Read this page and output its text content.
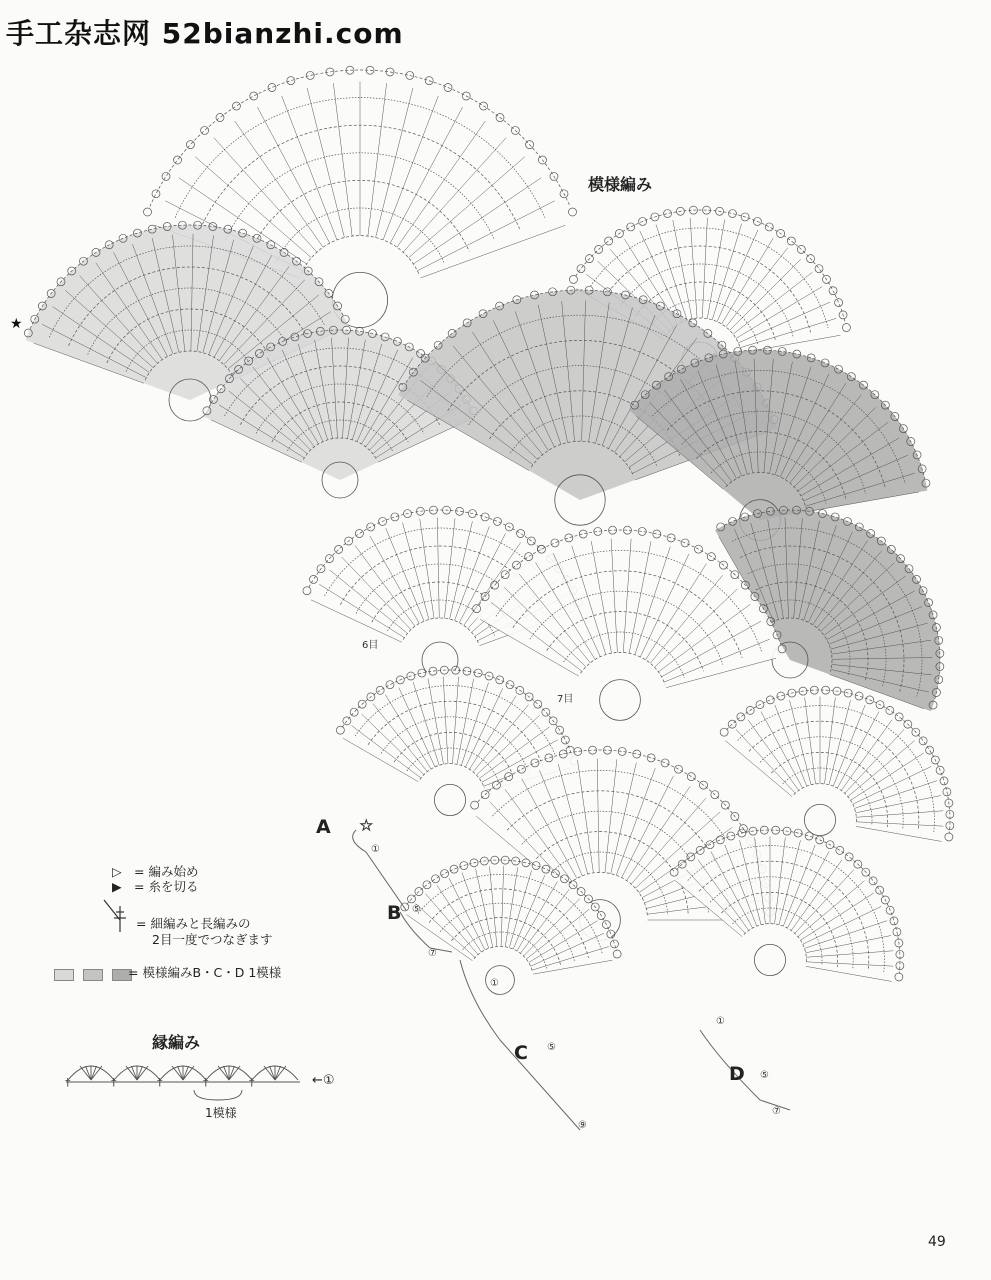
手工杂志网 52bianzhi.com
★
★
模様編み
A
B
C
D
6目
7目
①
⑤
⑦
①
⑤
⑨
①
⑤
⑦
▷ = 編み始め
▶ = 糸を切る
= 細編みと長編みの
2目一度でつなぎます

= 模様編みB・C・D 1模様
縁編み
†	†	†	†	†	←①
1模様
49
